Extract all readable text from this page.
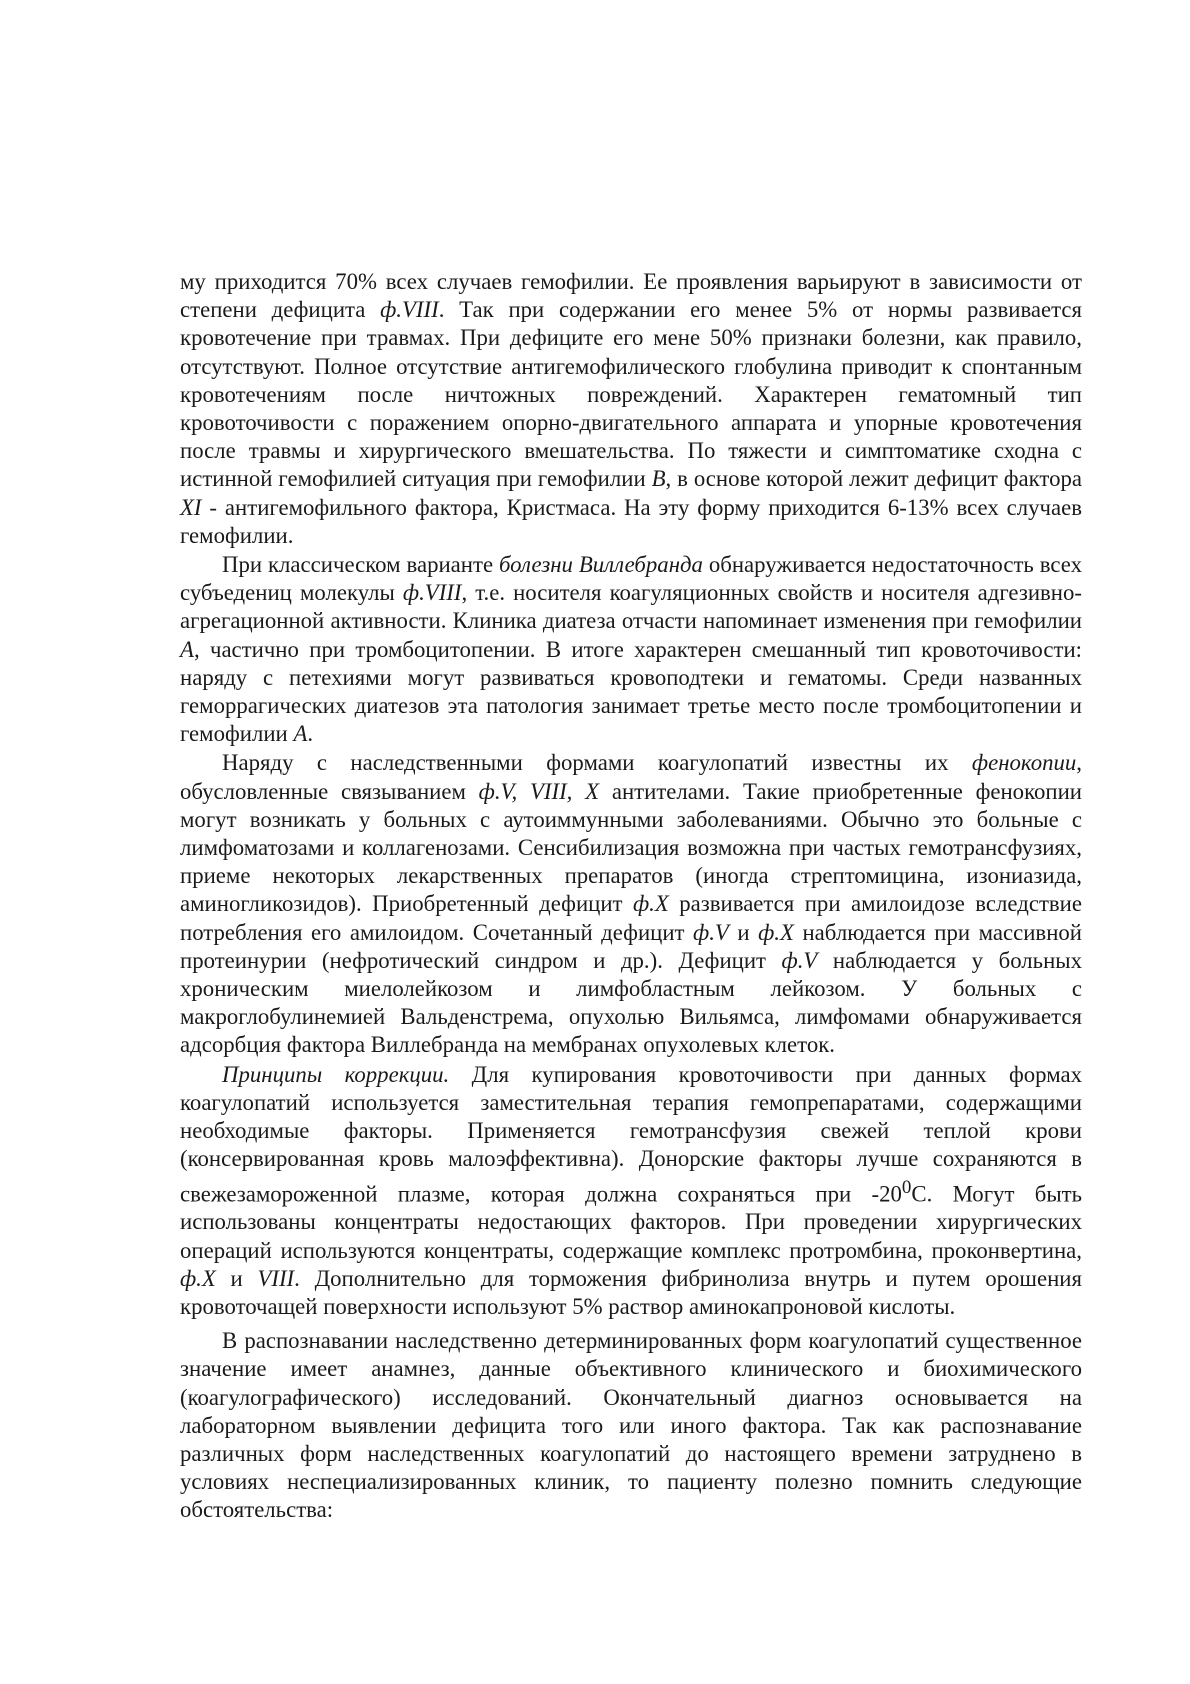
му приходится 70% всех случаев гемофилии. Ее проявления варьируют в зависимости от степени дефицита ф.VIII. Так при содержании его менее 5% от нормы развивается кровотечение при травмах. При дефиците его мене 50% признаки болезни, как правило, отсутствуют. Полное отсутствие антигемофилического глобулина приводит к спонтанным кровотечениям после ничтожных повреждений. Характерен гематомный тип кровоточивости с поражением опорно-двигательного аппарата и упорные кровотечения после травмы и хирургического вмешательства. По тяжести и симптоматике сходна с истинной гемофилией ситуация при гемофилии B, в основе которой лежит дефицит фактора XI - антигемофильного фактора, Кристмаса. На эту форму приходится 6-13% всех случаев гемофилии.

При классическом варианте болезни Виллебранда обнаруживается недостаточность всех субъедениц молекулы ф.VIII, т.е. носителя коагуляционных свойств и носителя адгезивно-агрегационной активности. Клиника диатеза отчасти напоминает изменения при гемофилии A, частично при тромбоцитопении. В итоге характерен смешанный тип кровоточивости: наряду с петехиями могут развиваться кровоподтеки и гематомы. Среди названных геморрагических диатезов эта патология занимает третье место после тромбоцитопении и гемофилии A.

Наряду с наследственными формами коагулопатий известны их фенокопии, обусловленные связыванием ф.V, VIII, X антителами. Такие приобретенные фенокопии могут возникать у больных с аутоиммунными заболеваниями. Обычно это больные с лимфоматозами и коллагенозами. Сенсибилизация возможна при частых гемотрансфузиях, приеме некоторых лекарственных препаратов (иногда стрептомицина, изониазида, аминогликозидов). Приобретенный дефицит ф.X развивается при амилоидозе вследствие потребления его амилоидом. Сочетанный дефицит ф.V и ф.X наблюдается при массивной протеинурии (нефротический синдром и др.). Дефицит ф.V наблюдается у больных хроническим миелолейкозом и лимфобластным лейкозом. У больных с макроглобулинемией Вальденстрема, опухолью Вильямса, лимфомами обнаруживается адсорбция фактора Виллебранда на мембранах опухолевых клеток.

Принципы коррекции. Для купирования кровоточивости при данных формах коагулопатий используется заместительная терапия гемопрепаратами, содержащими необходимые факторы. Применяется гемотрансфузия свежей теплой крови (консервированная кровь малоэффективна). Донорские факторы лучше сохраняются в свежезамороженной плазме, которая должна сохраняться при $-20^0С$. Могут быть использованы концентраты недостающих факторов. При проведении хирургических операций используются концентраты, содержащие комплекс протромбина, проконвертина, ф.X и VIII. Дополнительно для торможения фибринолиза внутрь и путем орошения кровоточащей поверхности используют 5% раствор аминокапроновой кислоты.

В распознавании наследственно детерминированных форм коагулопатий существенное значение имеет анамнез, данные объективного клинического и биохимического (коагулографического) исследований. Окончательный диагноз основывается на лабораторном выявлении дефицита того или иного фактора. Так как распознавание различных форм наследственных коагулопатий до настоящего времени затруднено в условиях неспециализированных клиник, то пациенту полезно помнить следующие обстоятельства:
